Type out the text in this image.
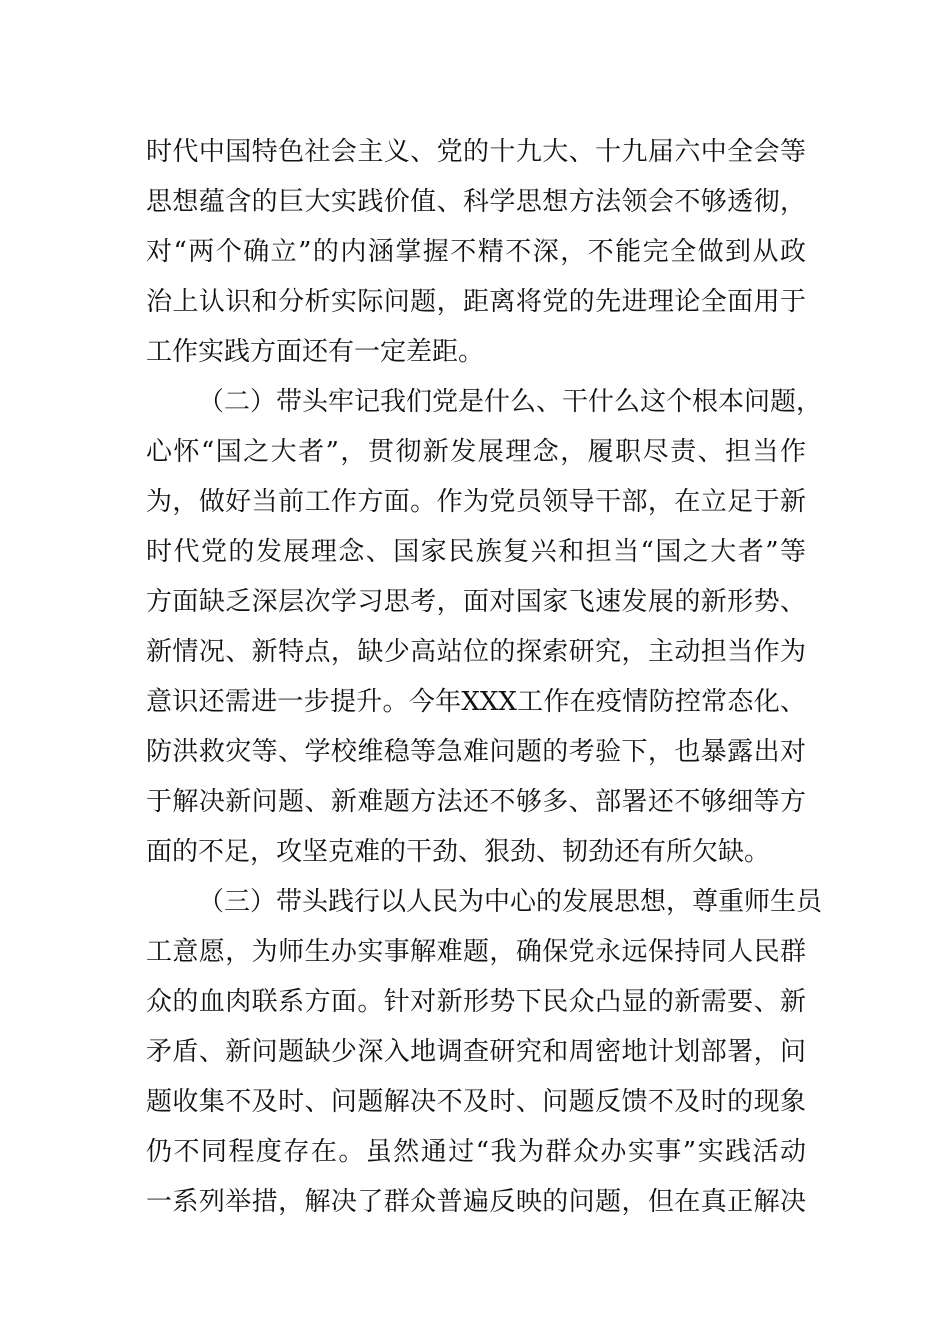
时代中国特色社会主义、党的十九大、十九届六中全会等
思想蕴含的巨大实践价值、科学思想方法领会不够透彻，
对“两个确立”的内涵掌握不精不深，不能完全做到从政
治上认识和分析实际问题，距离将党的先进理论全面用于
工作实践方面还有一定差距。
（二）带头牢记我们党是什么、干什么这个根本问题，
心怀“国之大者”，贯彻新发展理念，履职尽责、担当作
为，做好当前工作方面。作为党员领导干部，在立足于新
时代党的发展理念、国家民族复兴和担当“国之大者”等
方面缺乏深层次学习思考，面对国家飞速发展的新形势、
新情况、新特点，缺少高站位的探索研究，主动担当作为
意识还需进一步提升。今年XXX工作在疫情防控常态化、
防洪救灾等、学校维稳等急难问题的考验下，也暴露出对
于解决新问题、新难题方法还不够多、部署还不够细等方
面的不足，攻坚克难的干劲、狠劲、韧劲还有所欠缺。
（三）带头践行以人民为中心的发展思想，尊重师生员
工意愿，为师生办实事解难题，确保党永远保持同人民群
众的血肉联系方面。针对新形势下民众凸显的新需要、新
矛盾、新问题缺少深入地调查研究和周密地计划部署，问
题收集不及时、问题解决不及时、问题反馈不及时的现象
仍不同程度存在。虽然通过“我为群众办实事”实践活动
一系列举措，解决了群众普遍反映的问题，但在真正解决
